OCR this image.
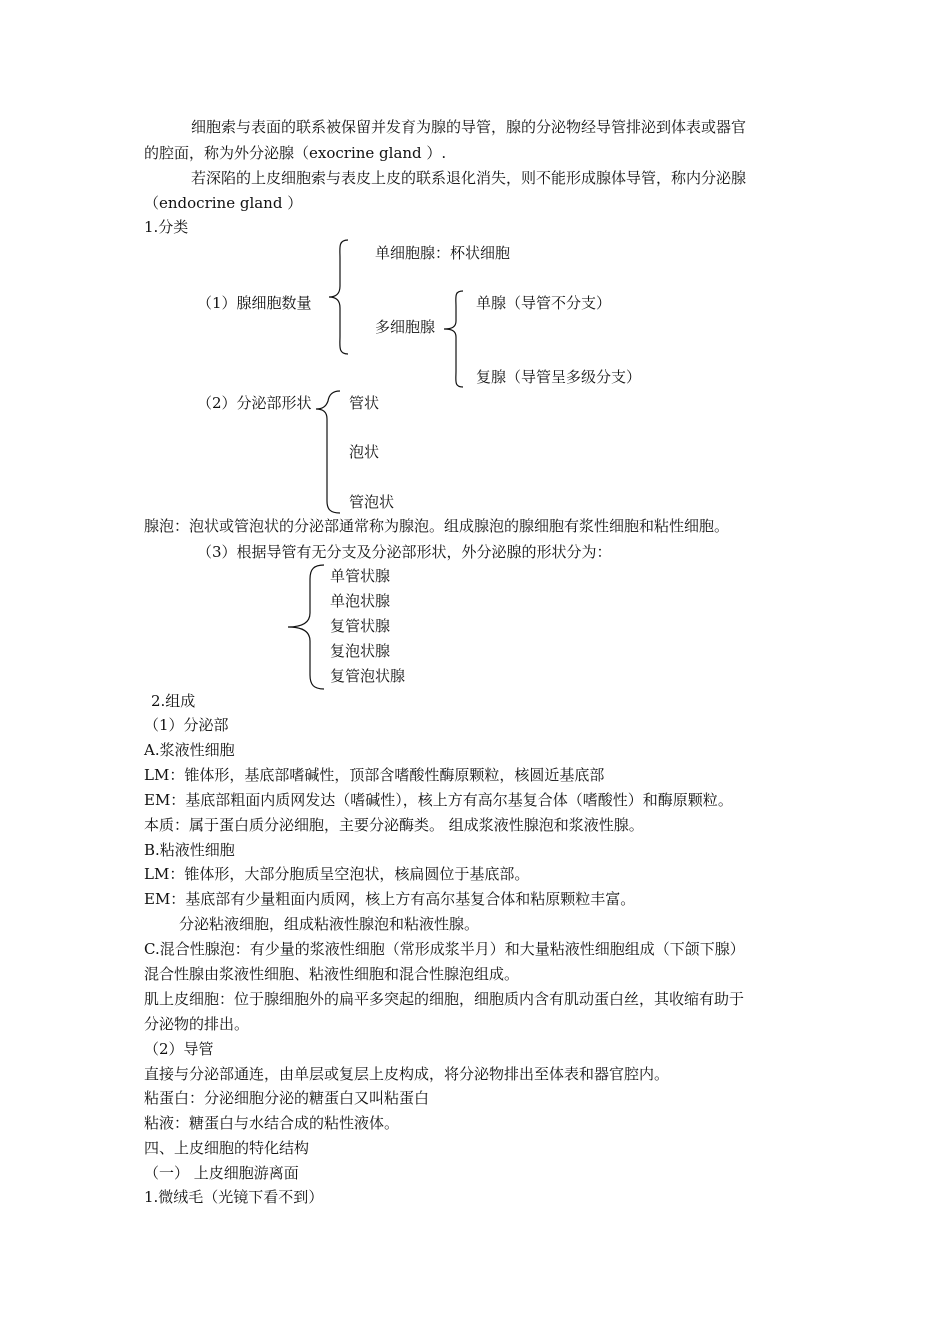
细胞索与表面的联系被保留并发育为腺的导管，腺的分泌物经导管排泌到体表或器官
的腔面，称为外分泌腺（exocrine gland ）.
若深陷的上皮细胞索与表皮上皮的联系退化消失，则不能形成腺体导管，称内分泌腺
（endocrine gland ）
1.分类
（1）腺细胞数量
单细胞腺：杯状细胞
多细胞腺
单腺（导管不分支）
复腺（导管呈多级分支）
（2）分泌部形状 管状
泡状
管泡状
腺泡：泡状或管泡状的分泌部通常称为腺泡。组成腺泡的腺细胞有浆性细胞和粘性细胞。
（3）根据导管有无分支及分泌部形状，外分泌腺的形状分为：
单管状腺
单泡状腺
复管状腺
复泡状腺
复管泡状腺
2.组成
（1）分泌部
A.浆液性细胞
LM：锥体形，基底部嗜碱性，顶部含嗜酸性酶原颗粒，核圆近基底部
EM：基底部粗面内质网发达（嗜碱性），核上方有高尔基复合体（嗜酸性）和酶原颗粒。
本质：属于蛋白质分泌细胞，主要分泌酶类。 组成浆液性腺泡和浆液性腺。
B.粘液性细胞
LM：锥体形，大部分胞质呈空泡状，核扁圆位于基底部。
EM：基底部有少量粗面内质网，核上方有高尔基复合体和粘原颗粒丰富。
分泌粘液细胞，组成粘液性腺泡和粘液性腺。
C.混合性腺泡：有少量的浆液性细胞（常形成浆半月）和大量粘液性细胞组成（下颌下腺）
混合性腺由浆液性细胞、粘液性细胞和混合性腺泡组成。
肌上皮细胞：位于腺细胞外的扁平多突起的细胞，细胞质内含有肌动蛋白丝，其收缩有助于
分泌物的排出。
（2）导管
直接与分泌部通连，由单层或复层上皮构成，将分泌物排出至体表和器官腔内。
粘蛋白：分泌细胞分泌的糖蛋白又叫粘蛋白
粘液：糖蛋白与水结合成的粘性液体。
四、上皮细胞的特化结构
（一） 上皮细胞游离面
1.微绒毛（光镜下看不到）
